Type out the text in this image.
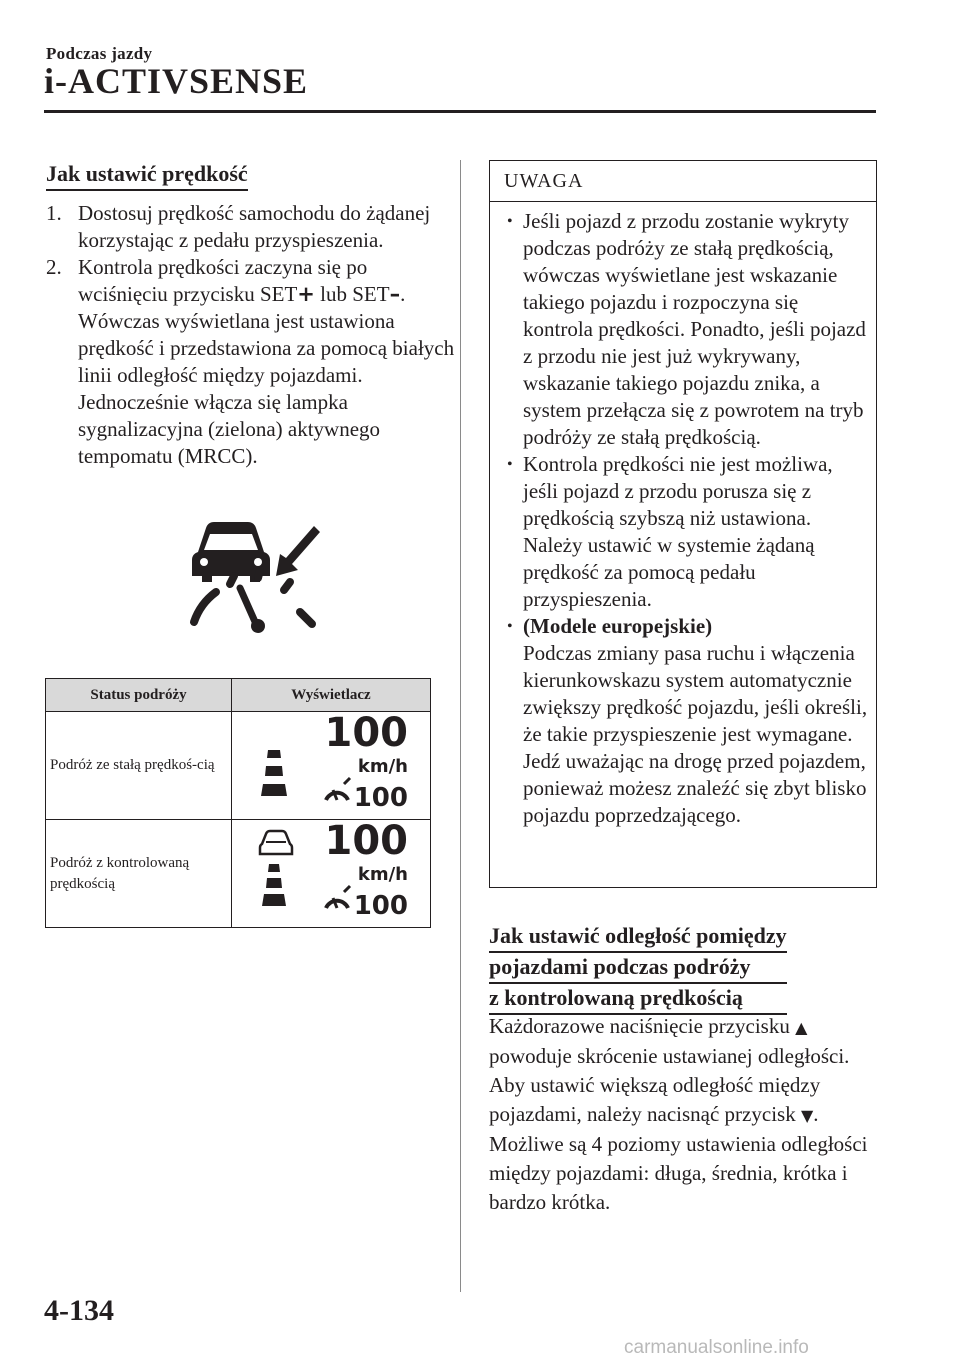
Podczas jazdy
i-ACTIVSENSE
Jak ustawić prędkość
1. Dostosuj prędkość samochodu do żądanej korzystając z pedału przyspieszenia.
2. Kontrola prędkości zaczyna się po wciśnięciu przycisku SET+ lub SET–. Wówczas wyświetlana jest ustawiona prędkość i przedstawiona za pomocą białych linii odległość między pojazdami. Jednocześnie włącza się lampka sygnalizacyjna (zielona) aktywnego tempomatu (MRCC).
Status podróży	Wyświetlacz
Podróż ze stałą prędkoś-cią	100
km/h
100

Podróż z kontrolowaną prędkością	100
km/h
100
UWAGA
• Jeśli pojazd z przodu zostanie wykryty podczas podróży ze stałą prędkością, wówczas wyświetlane jest wskazanie takiego pojazdu i rozpoczyna się kontrola prędkości. Ponadto, jeśli pojazd z przodu nie jest już wykrywany, wskazanie takiego pojazdu znika, a system przełącza się z powrotem na tryb podróży ze stałą prędkością.
• Kontrola prędkości nie jest możliwa, jeśli pojazd z przodu porusza się z prędkością szybszą niż ustawiona. Należy ustawić w systemie żądaną prędkość za pomocą pedału przyspieszenia.
• (Modele europejskie)
Podczas zmiany pasa ruchu i włączenia kierunkowskazu system automatycznie zwiększy prędkość pojazdu, jeśli określi, że takie przyspieszenie jest wymagane. Jedź uważając na drogę przed pojazdem, ponieważ możesz znaleźć się zbyt blisko pojazdu poprzedzającego.
Jak ustawić odległość pomiędzy
pojazdami podczas podróży
z kontrolowaną prędkością
Każdorazowe naciśnięcie przycisku ▲ powoduje skrócenie ustawianej odległości. Aby ustawić większą odległość między pojazdami, należy nacisnąć przycisk ▼. Możliwe są 4 poziomy ustawienia odległości między pojazdami: długa, średnia, krótka i bardzo krótka.
4-134
carmanualsonline.info
